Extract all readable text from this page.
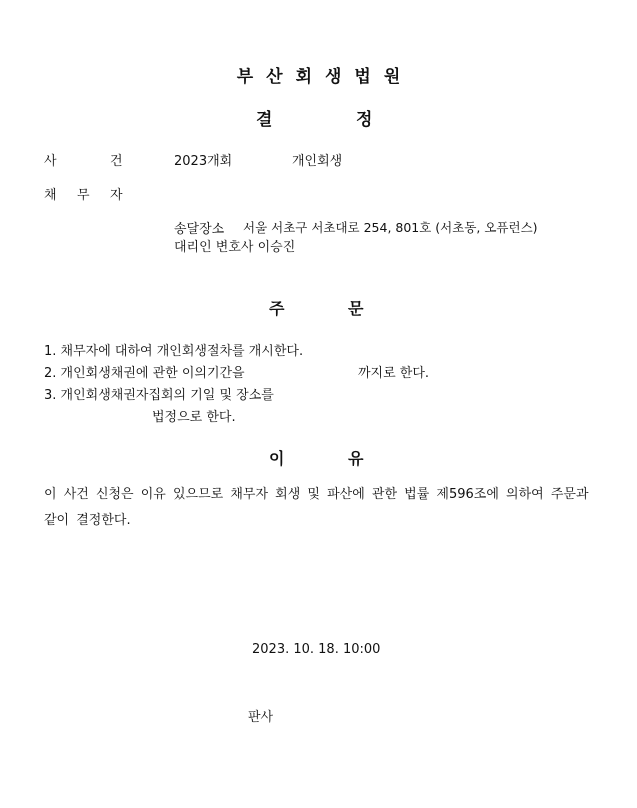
부산회생법원
결	정
사	건	2023개회	개인회생
채 무 자
송달장소 서울 서초구 서초대로 254, 801호 (서초동, 오퓨런스)
대리인 변호사 이승진
주	문
1. 채무자에 대하여 개인회생절차를 개시한다.
2. 개인회생채권에 관한 이의기간을	까지로 한다.
3. 개인회생채권자집회의 기일 및 장소를
법정으로 한다.
이	유
이 사건 신청은 이유 있으므로 채무자 회생 및 파산에 관한 법률 제596조에 의하여 주문과 같이 결정한다.
2023. 10. 18. 10:00
판사
